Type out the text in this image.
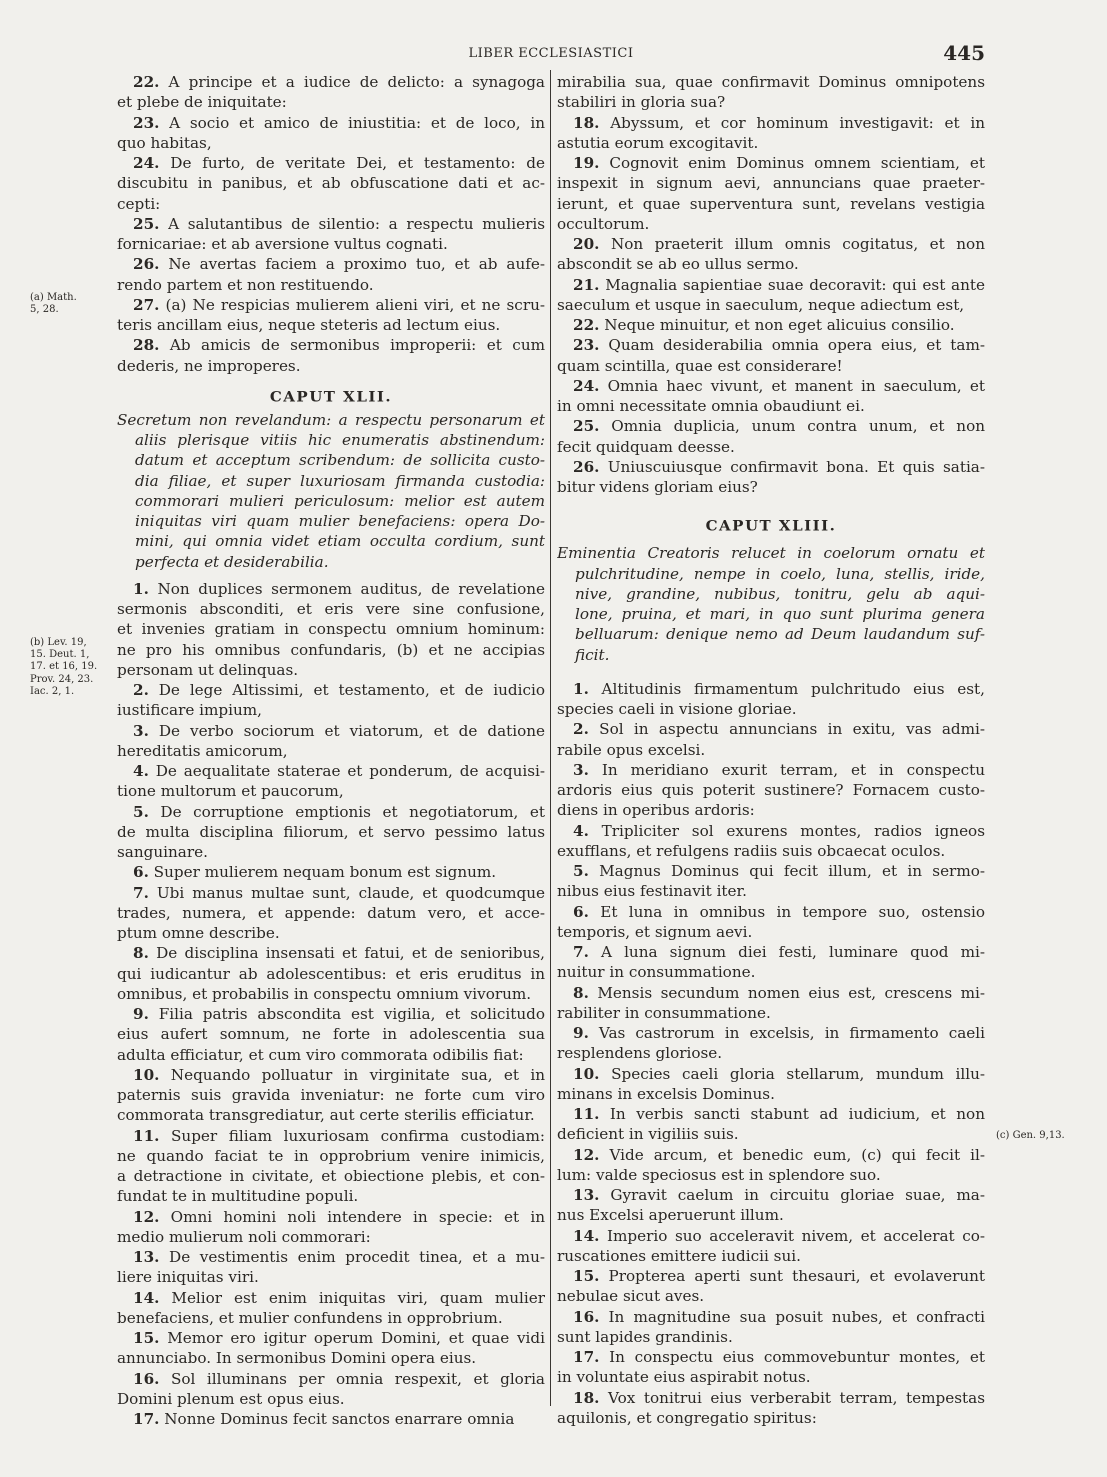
LIBER ECCLESIASTICI	445
22. A principe et a iudice de delicto: a synagoga
et plebe de iniquitate:
23. A socio et amico de iniustitia: et de loco, in
quo habitas,
24. De furto, de veritate Dei, et testamento: de
discubitu in panibus, et ab obfuscatione dati et ac-
cepti:
25. A salutantibus de silentio: a respectu mulieris
fornicariae: et ab aversione vultus cognati.
26. Ne avertas faciem a proximo tuo, et ab aufe-
rendo partem et non restituendo.
27. (a) Ne respicias mulierem alieni viri, et ne scru-
teris ancillam eius, neque steteris ad lectum eius.
28. Ab amicis de sermonibus improperii: et cum
dederis, ne improperes.
CAPUT XLII.
Secretum non revelandum: a respectu personarum et
aliis plerisque vitiis hic enumeratis abstinendum:
datum et acceptum scribendum: de sollicita custo-
dia filiae, et super luxuriosam firmanda custodia:
commorari mulieri periculosum: melior est autem
iniquitas viri quam mulier benefaciens: opera Do-
mini, qui omnia videt etiam occulta cordium, sunt
perfecta et desiderabilia.
1. Non duplices sermonem auditus, de revelatione
sermonis absconditi, et eris vere sine confusione,
et invenies gratiam in conspectu omnium hominum:
ne pro his omnibus confundaris, (b) et ne accipias
personam ut delinquas.
2. De lege Altissimi, et testamento, et de iudicio
iustificare impium,
3. De verbo sociorum et viatorum, et de datione
hereditatis amicorum,
4. De aequalitate staterae et ponderum, de acquisi-
tione multorum et paucorum,
5. De corruptione emptionis et negotiatorum, et
de multa disciplina filiorum, et servo pessimo latus
sanguinare.
6. Super mulierem nequam bonum est signum.
7. Ubi manus multae sunt, claude, et quodcumque
trades, numera, et appende: datum vero, et acce-
ptum omne describe.
8. De disciplina insensati et fatui, et de senioribus,
qui iudicantur ab adolescentibus: et eris eruditus in
omnibus, et probabilis in conspectu omnium vivorum.
9. Filia patris abscondita est vigilia, et solicitudo
eius aufert somnum, ne forte in adolescentia sua
adulta efficiatur, et cum viro commorata odibilis fiat:
10. Nequando polluatur in virginitate sua, et in
paternis suis gravida inveniatur: ne forte cum viro
commorata transgrediatur, aut certe sterilis efficiatur.
11. Super filiam luxuriosam confirma custodiam:
ne quando faciat te in opprobrium venire inimicis,
a detractione in civitate, et obiectione plebis, et con-
fundat te in multitudine populi.
12. Omni homini noli intendere in specie: et in
medio mulierum noli commorari:
13. De vestimentis enim procedit tinea, et a mu-
liere iniquitas viri.
14. Melior est enim iniquitas viri, quam mulier
benefaciens, et mulier confundens in opprobrium.
15. Memor ero igitur operum Domini, et quae vidi
annunciabo. In sermonibus Domini opera eius.
16. Sol illuminans per omnia respexit, et gloria
Domini plenum est opus eius.
17. Nonne Dominus fecit sanctos enarrare omnia
mirabilia sua, quae confirmavit Dominus omnipotens
stabiliri in gloria sua?
18. Abyssum, et cor hominum investigavit: et in
astutia eorum excogitavit.
19. Cognovit enim Dominus omnem scientiam, et
inspexit in signum aevi, annuncians quae praeter-
ierunt, et quae superventura sunt, revelans vestigia
occultorum.
20. Non praeterit illum omnis cogitatus, et non
abscondit se ab eo ullus sermo.
21. Magnalia sapientiae suae decoravit: qui est ante
saeculum et usque in saeculum, neque adiectum est,
22. Neque minuitur, et non eget alicuius consilio.
23. Quam desiderabilia omnia opera eius, et tam-
quam scintilla, quae est considerare!
24. Omnia haec vivunt, et manent in saeculum, et
in omni necessitate omnia obaudiunt ei.
25. Omnia duplicia, unum contra unum, et non
fecit quidquam deesse.
26. Uniuscuiusque confirmavit bona. Et quis satia-
bitur videns gloriam eius?
CAPUT XLIII.
Eminentia Creatoris relucet in coelorum ornatu et
pulchritudine, nempe in coelo, luna, stellis, iride,
nive, grandine, nubibus, tonitru, gelu ab aqui-
lone, pruina, et mari, in quo sunt plurima genera
belluarum: denique nemo ad Deum laudandum suf-
ficit.
1. Altitudinis firmamentum pulchritudo eius est,
species caeli in visione gloriae.
2. Sol in aspectu annuncians in exitu, vas admi-
rabile opus excelsi.
3. In meridiano exurit terram, et in conspectu
ardoris eius quis poterit sustinere? Fornacem custo-
diens in operibus ardoris:
4. Tripliciter sol exurens montes, radios igneos
exufflans, et refulgens radiis suis obcaecat oculos.
5. Magnus Dominus qui fecit illum, et in sermo-
nibus eius festinavit iter.
6. Et luna in omnibus in tempore suo, ostensio
temporis, et signum aevi.
7. A luna signum diei festi, luminare quod mi-
nuitur in consummatione.
8. Mensis secundum nomen eius est, crescens mi-
rabiliter in consummatione.
9. Vas castrorum in excelsis, in firmamento caeli
resplendens gloriose.
10. Species caeli gloria stellarum, mundum illu-
minans in excelsis Dominus.
11. In verbis sancti stabunt ad iudicium, et non
deficient in vigiliis suis.
12. Vide arcum, et benedic eum, (c) qui fecit il-
lum: valde speciosus est in splendore suo.
13. Gyravit caelum in circuitu gloriae suae, ma-
nus Excelsi aperuerunt illum.
14. Imperio suo acceleravit nivem, et accelerat co-
ruscationes emittere iudicii sui.
15. Propterea aperti sunt thesauri, et evolaverunt
nebulae sicut aves.
16. In magnitudine sua posuit nubes, et confracti
sunt lapides grandinis.
17. In conspectu eius commovebuntur montes, et
in voluntate eius aspirabit notus.
18. Vox tonitrui eius verberabit terram, tempestas
aquilonis, et congregatio spiritus:
(a) Math.
5, 28.
(b) Lev. 19,
15. Deut. 1,
17. et 16, 19.
Prov. 24, 23.
Iac. 2, 1.
(c) Gen. 9,13.
